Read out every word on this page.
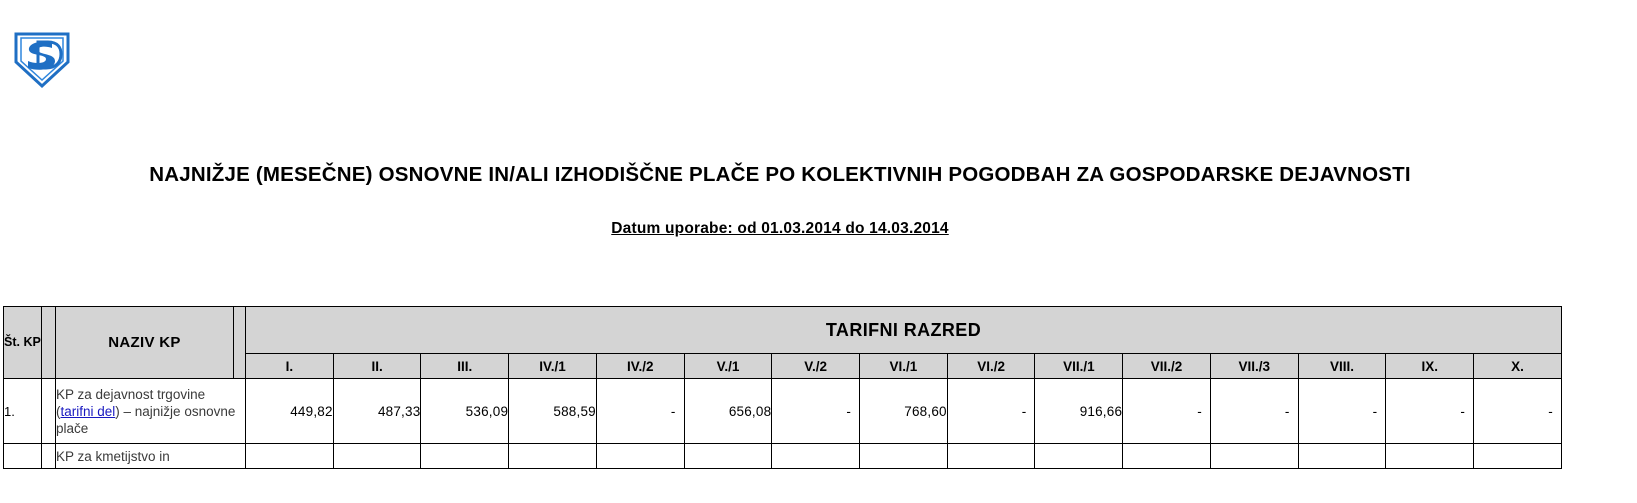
NAJNIŽJE (MESEČNE) OSNOVNE IN/ALI IZHODIŠČNE PLAČE PO KOLEKTIVNIH POGODBAH ZA GOSPODARSKE DEJAVNOSTI
Datum uporabe: od 01.03.2014 do 14.03.2014
Št. KP		NAZIV KP		TARIFNI RAZRED														
				I.	II.	III.	IV./1	IV./2	V./1	V./2	VI./1	VI./2	VII./1	VII./2	VII./3	VIII.	IX.	X.
1.		KP za dejavnost trgovine (tarifni del) – najnižje osnovne plače		449,82	487,33	536,09	588,59	-	656,08	-	768,60	-	916,66	-	-	-	-	-
		KP za kmetijstvo in																
